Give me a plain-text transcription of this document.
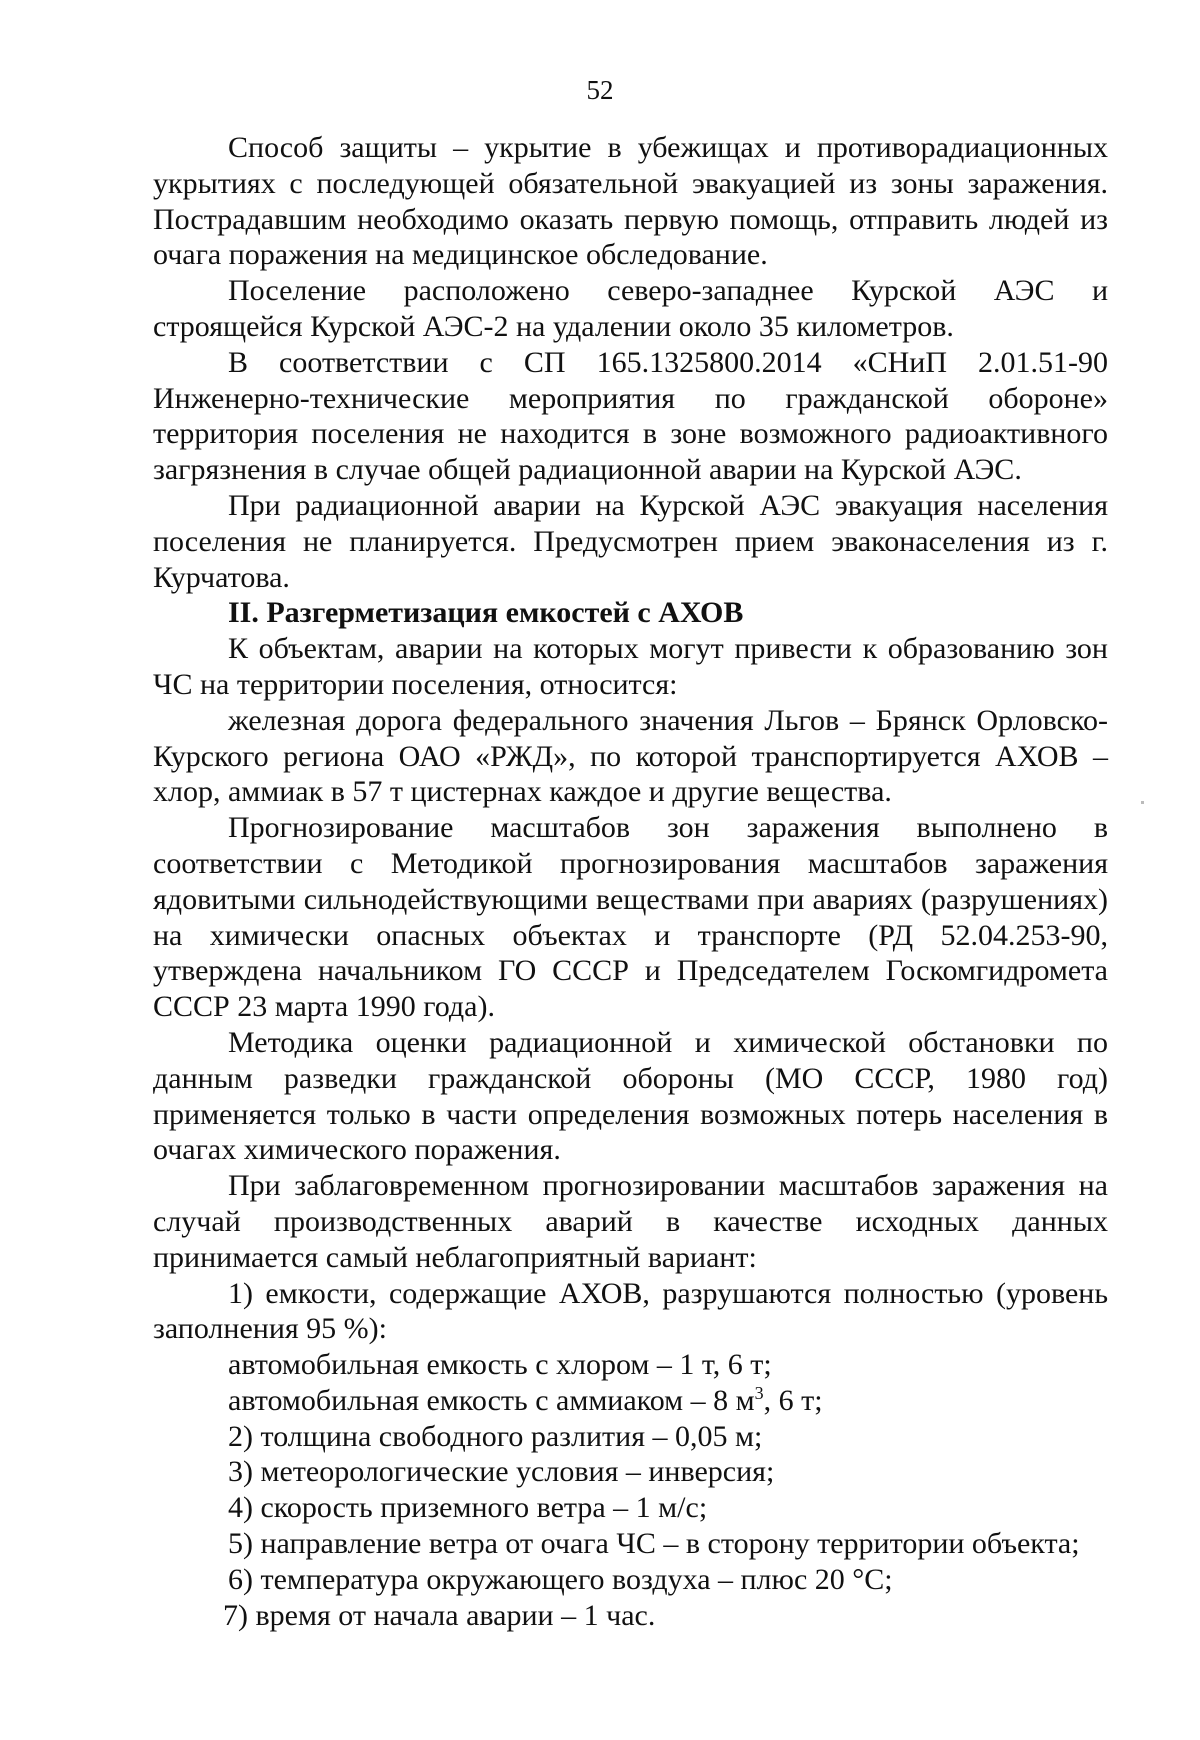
52

Способ защиты – укрытие в убежищах и противорадиационных укрытиях с последующей обязательной эвакуацией из зоны заражения. Пострадавшим необходимо оказать первую помощь, отправить людей из очага поражения на медицинское обследование.

Поселение расположено северо-западнее Курской АЭС и строящейся Курской АЭС-2 на удалении около 35 километров.

В соответствии с СП 165.1325800.2014 «СНиП 2.01.51-90 Инженерно-технические мероприятия по гражданской обороне» территория поселения не находится в зоне возможного радиоактивного загрязнения в случае общей радиационной аварии на Курской АЭС.

При радиационной аварии на Курской АЭС эвакуация населения поселения не планируется. Предусмотрен прием эваконаселения из г. Курчатова.

II. Разгерметизация емкостей с АХОВ

К объектам, аварии на которых могут привести к образованию зон ЧС на территории поселения, относится:

железная дорога федерального значения Льгов – Брянск Орловско-Курского региона ОАО «РЖД», по которой транспортируется АХОВ – хлор, аммиак в 57 т цистернах каждое и другие вещества.

Прогнозирование масштабов зон заражения выполнено в соответствии с Методикой прогнозирования масштабов заражения ядовитыми сильнодействующими веществами при авариях (разрушениях) на химически опасных объектах и транспорте (РД 52.04.253-90, утверждена начальником ГО СССР и Председателем Госкомгидромета СССР 23 марта 1990 года).

Методика оценки радиационной и химической обстановки по данным разведки гражданской обороны (МО СССР, 1980 год) применяется только в части определения возможных потерь населения в очагах химического поражения.

При заблаговременном прогнозировании масштабов заражения на случай производственных аварий в качестве исходных данных принимается самый неблагоприятный вариант:

1) емкости, содержащие АХОВ, разрушаются полностью (уровень заполнения 95 %):

автомобильная емкость с хлором – 1 т, 6 т;

автомобильная емкость с аммиаком – 8 $м^3$, 6 т;

2) толщина свободного разлития – 0,05 м;

3) метеорологические условия – инверсия;

4) скорость приземного ветра – 1 м/с;

5) направление ветра от очага ЧС – в сторону территории объекта;

6) температура окружающего воздуха – плюс 20 °С;

7) время от начала аварии – 1 час.
